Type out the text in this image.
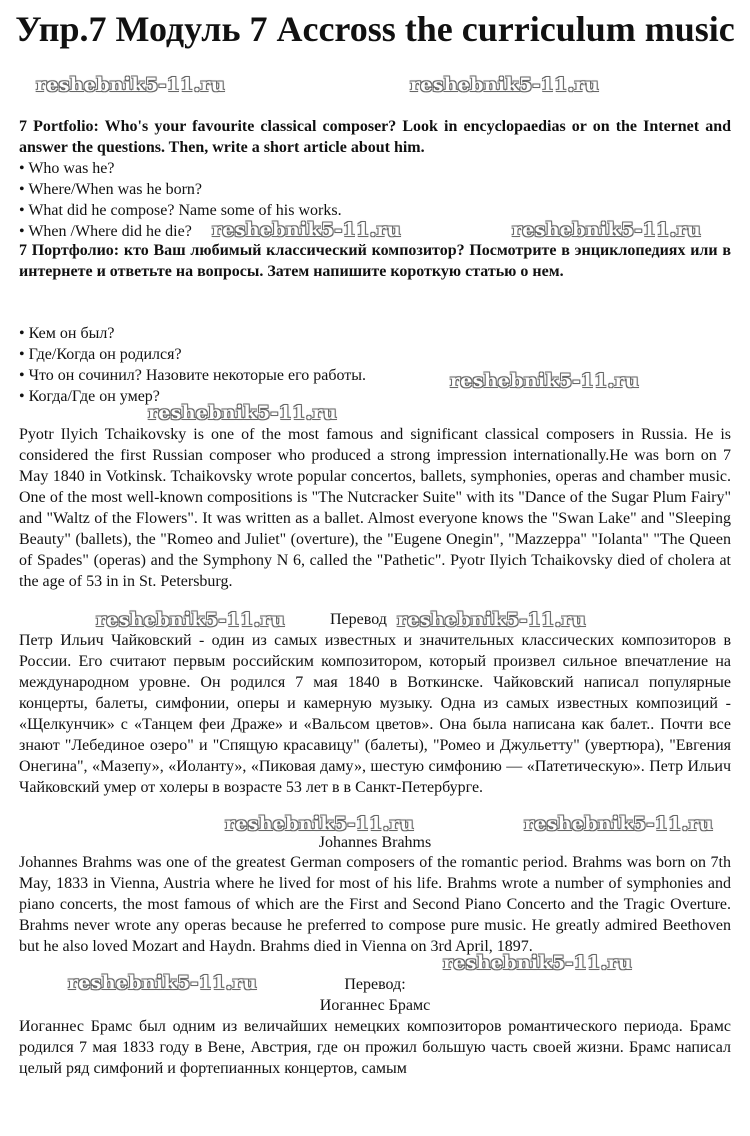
Упр.7 Модуль 7 Accross the curriculum music
reshebnik5-11.ru	reshebnik5-11.ru

7 Portfolio: Who's your favourite classical composer? Look in encyclopaedias or on the Internet and answer the questions. Then, write a short article about him.

• Who was he?
• Where/When was he born?
• What did he compose? Name some of his works.
• When /Where did he die? reshebnik5-11.ru	reshebnik5-11.ru

7 Портфолио: кто Ваш любимый классический композитор? Посмотрите в энциклопедиях или в интернете и ответьте на вопросы. Затем напишите короткую статью о нем.

• Кем он был?
• Где/Когда он родился?
• Что он сочинил? Назовите некоторые его работы.
• Когда/Где он умер?
reshebnik5-11.ru
reshebnik5-11.ru

Pyotr Ilyich Tchaikovsky is one of the most famous and significant classical composers in Russia. He is considered the first Russian composer who produced a strong impression internationally.He was born on 7 May 1840 in Votkinsk. Tchaikovsky wrote popular concertos, ballets, symphonies, operas and chamber music. One of the most well-known compositions is "The Nutcracker Suite" with its "Dance of the Sugar Plum Fairy" and "Waltz of the Flowers". It was written as a ballet. Almost everyone knows the "Swan Lake" and "Sleeping Beauty" (ballets), the "Romeo and Juliet" (overture), the "Eugene Onegin", "Mazzeppa" "Iolanta" "The Queen of Spades" (operas) and the Symphony N 6, called the "Pathetic". Pyotr Ilyich Tchaikovsky died of cholera at the age of 53 in in St. Petersburg.

reshebnik5-11.ru	Перевод reshebnik5-11.ru

Петр Ильич Чайковский - один из самых известных и значительных классических композиторов в России. Его считают первым российским композитором, который произвел сильное впечатление на международном уровне. Он родился 7 мая 1840 в Воткинске. Чайковский написал популярные концерты, балеты, симфонии, оперы и камерную музыку. Одна из самых известных композиций - «Щелкунчик» с «Танцем феи Драже» и «Вальсом цветов». Она была написана как балет.. Почти все знают "Лебединое озеро" и "Спящую красавицу" (балеты), "Ромео и Джульетту" (увертюра), "Евгения Онегина", «Мазепу», «Иоланту», «Пиковая даму», шестую симфонию — «Патетическую». Петр Ильич Чайковский умер от холеры в возрасте 53 лет в в Санкт-Петербурге.

reshebnik5-11.ru	reshebnik5-11.ru
Johannes Brahms

Johannes Brahms was one of the greatest German composers of the romantic period. Brahms was born on 7th May, 1833 in Vienna, Austria where he lived for most of his life. Brahms wrote a number of symphonies and piano concerts, the most famous of which are the First and Second Piano Concerto and the Tragic Overture. Brahms never wrote any operas because he preferred to compose pure music. He greatly admired Beethoven but he also loved Mozart and Haydn. Brahms died in Vienna on 3rd April, 1897.

reshebnik5-11.ru
Перевод:
reshebnik5-11.ru
Иоганнес Брамс

Иоганнес Брамс был одним из величайших немецких композиторов романтического периода. Брамс родился 7 мая 1833 году в Вене, Австрия, где он прожил большую часть своей жизни. Брамс написал целый ряд симфоний и фортепианных концертов, самым
